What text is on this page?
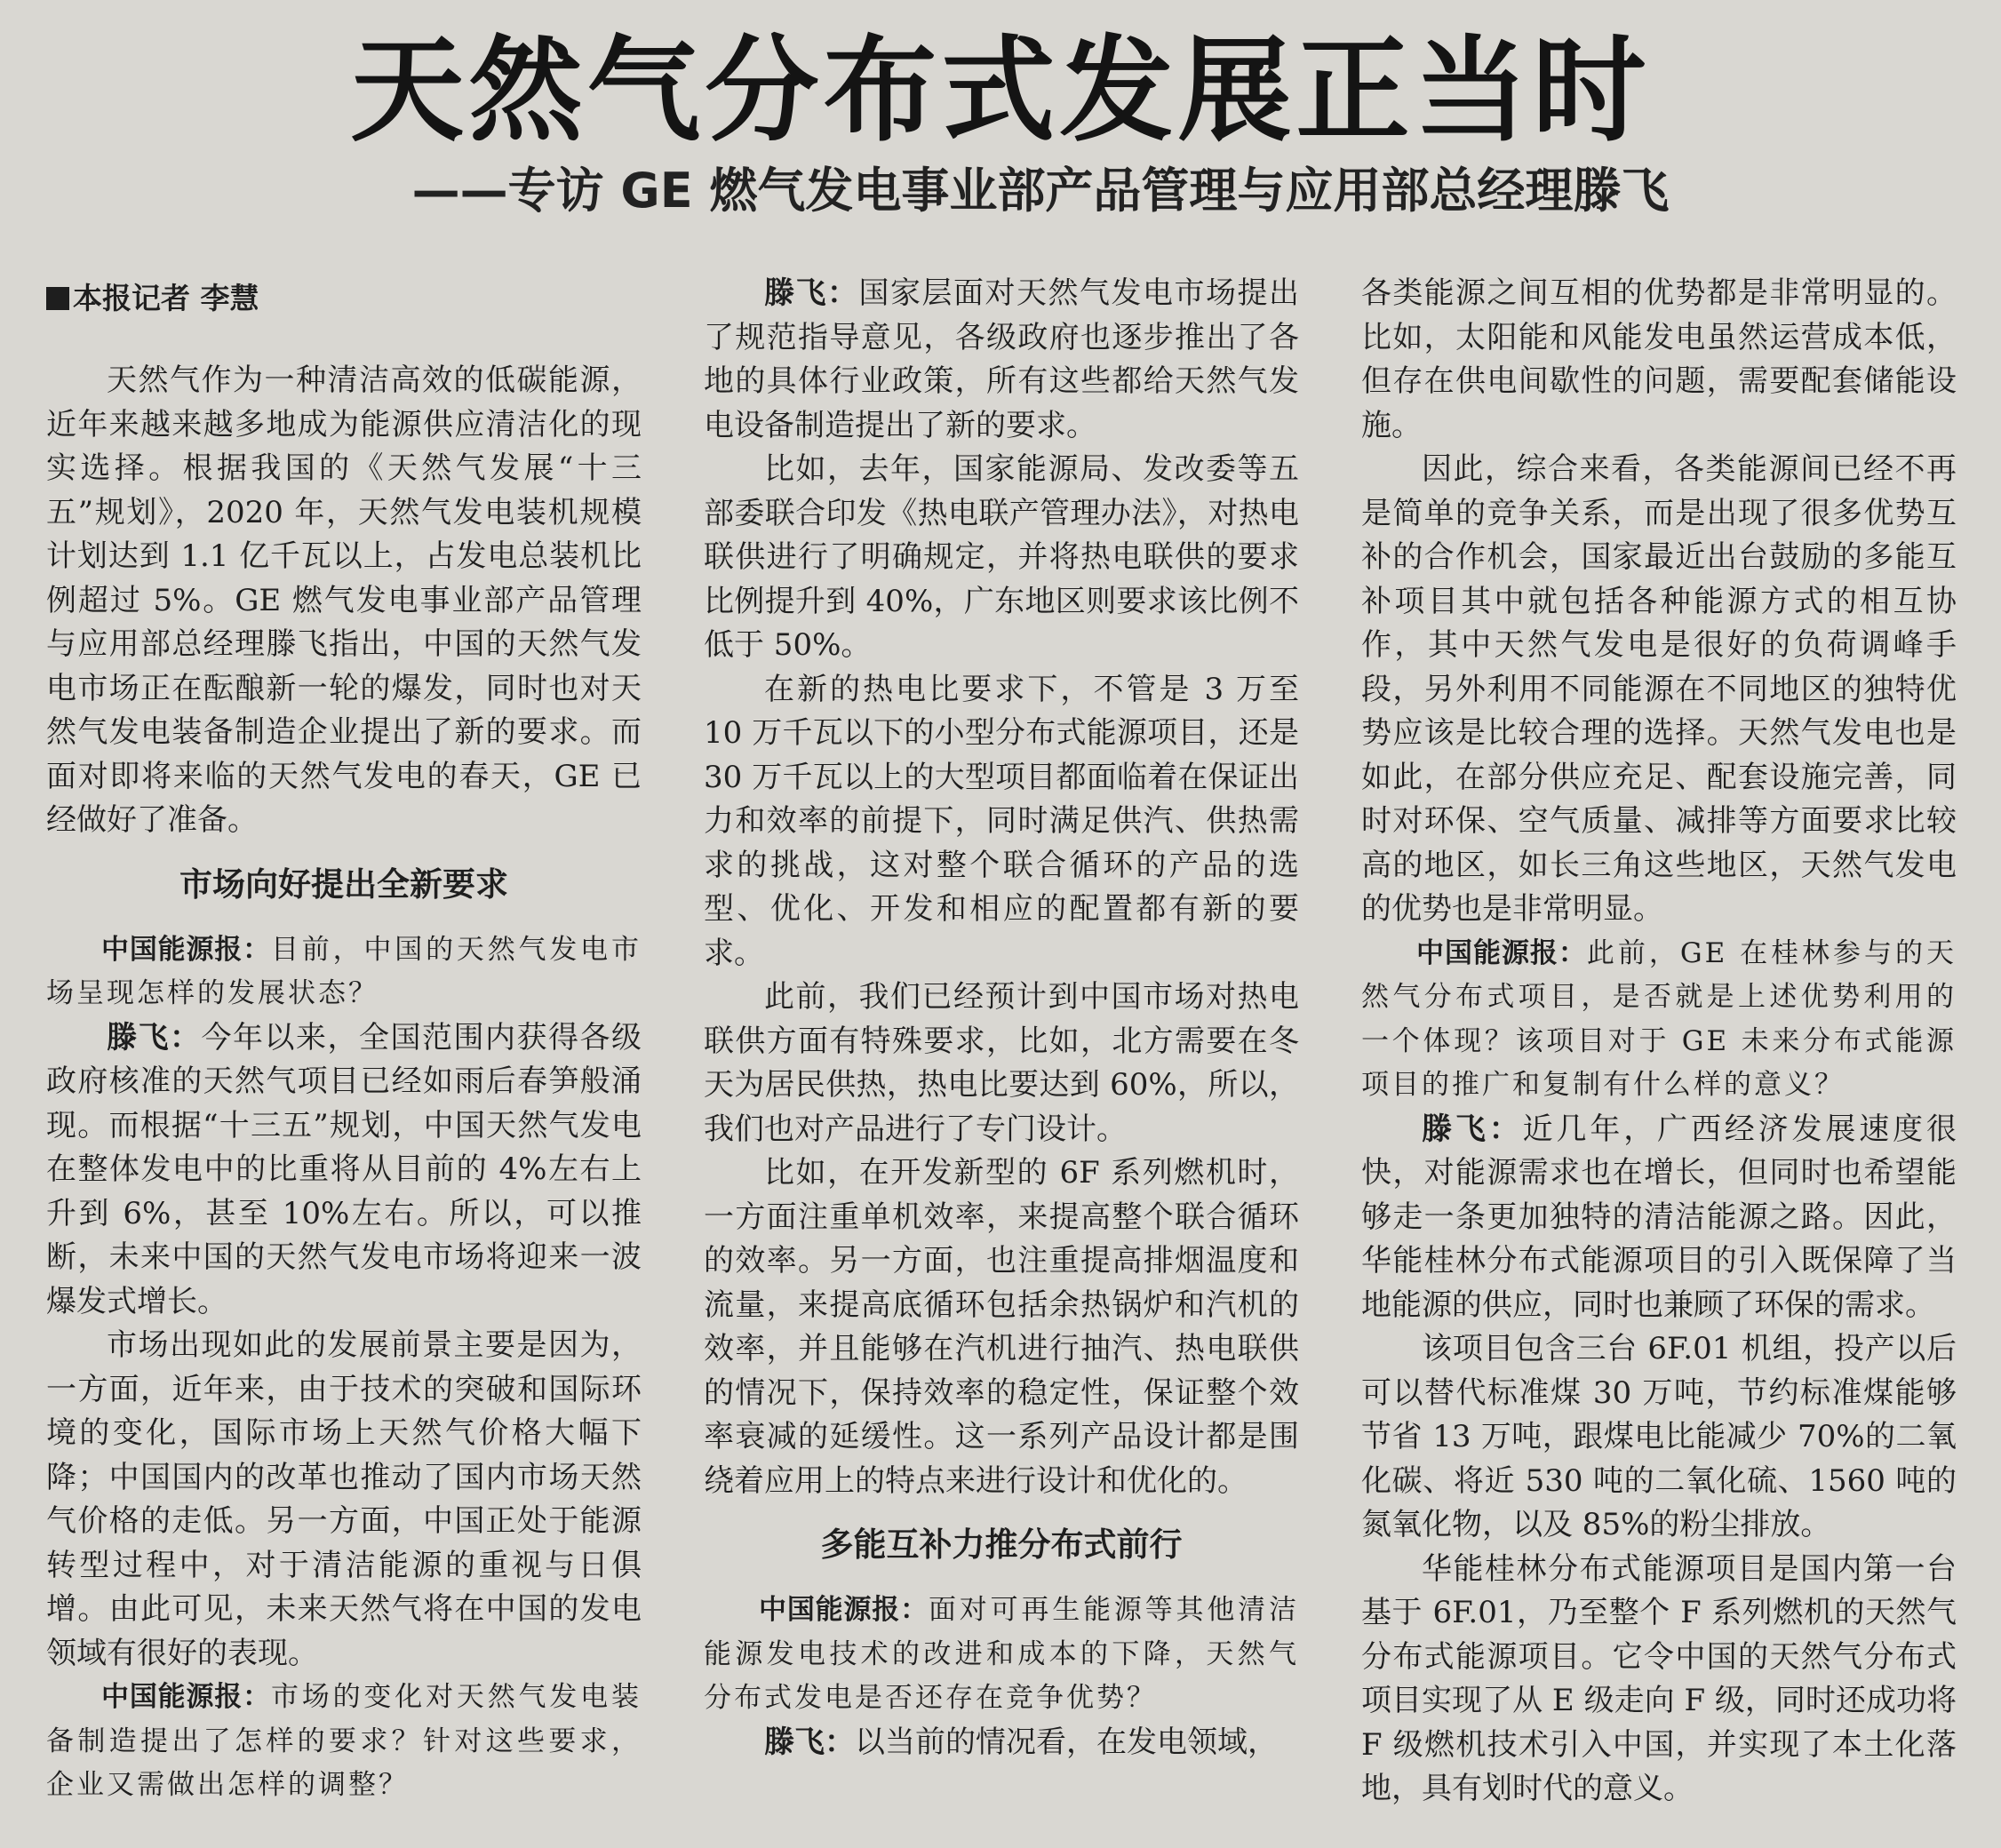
天然气分布式发展正当时
——专访 GE 燃气发电事业部产品管理与应用部总经理滕飞
本报记者 李慧

天然气作为一种清洁高效的低碳能源，近年来越来越多地成为能源供应清洁化的现实选择。根据我国的《天然气发展“十三五”规划》，2020 年，天然气发电装机规模计划达到 1.1 亿千瓦以上，占发电总装机比例超过 5%。GE 燃气发电事业部产品管理与应用部总经理滕飞指出，中国的天然气发电市场正在酝酿新一轮的爆发，同时也对天然气发电装备制造企业提出了新的要求。而面对即将来临的天然气发电的春天，GE 已经做好了准备。

市场向好提出全新要求

中国能源报：目前，中国的天然气发电市场呈现怎样的发展状态？

滕飞：今年以来，全国范围内获得各级政府核准的天然气项目已经如雨后春笋般涌现。而根据“十三五”规划，中国天然气发电在整体发电中的比重将从目前的 4%左右上升到 6%，甚至 10%左右。所以，可以推断，未来中国的天然气发电市场将迎来一波爆发式增长。

市场出现如此的发展前景主要是因为，一方面，近年来，由于技术的突破和国际环境的变化，国际市场上天然气价格大幅下降；中国国内的改革也推动了国内市场天然气价格的走低。另一方面，中国正处于能源转型过程中，对于清洁能源的重视与日俱增。由此可见，未来天然气将在中国的发电领域有很好的表现。

中国能源报：市场的变化对天然气发电装备制造提出了怎样的要求？针对这些要求，企业又需做出怎样的调整？

滕飞：国家层面对天然气发电市场提出了规范指导意见，各级政府也逐步推出了各地的具体行业政策，所有这些都给天然气发电设备制造提出了新的要求。

比如，去年，国家能源局、发改委等五部委联合印发《热电联产管理办法》，对热电联供进行了明确规定，并将热电联供的要求比例提升到 40%，广东地区则要求该比例不低于 50%。

在新的热电比要求下，不管是 3 万至 10 万千瓦以下的小型分布式能源项目，还是 30 万千瓦以上的大型项目都面临着在保证出力和效率的前提下，同时满足供汽、供热需求的挑战，这对整个联合循环的产品的选型、优化、开发和相应的配置都有新的要求。

此前，我们已经预计到中国市场对热电联供方面有特殊要求，比如，北方需要在冬天为居民供热，热电比要达到 60%，所以，我们也对产品进行了专门设计。

比如，在开发新型的 6F 系列燃机时，一方面注重单机效率，来提高整个联合循环的效率。另一方面，也注重提高排烟温度和流量，来提高底循环包括余热锅炉和汽机的效率，并且能够在汽机进行抽汽、热电联供的情况下，保持效率的稳定性，保证整个效率衰减的延缓性。这一系列产品设计都是围绕着应用上的特点来进行设计和优化的。

多能互补力推分布式前行

中国能源报：面对可再生能源等其他清洁能源发电技术的改进和成本的下降，天然气分布式发电是否还存在竞争优势？

滕飞：以当前的情况看，在发电领域，

各类能源之间互相的优势都是非常明显的。比如，太阳能和风能发电虽然运营成本低，但存在供电间歇性的问题，需要配套储能设施。

因此，综合来看，各类能源间已经不再是简单的竞争关系，而是出现了很多优势互补的合作机会，国家最近出台鼓励的多能互补项目其中就包括各种能源方式的相互协作，其中天然气发电是很好的负荷调峰手段，另外利用不同能源在不同地区的独特优势应该是比较合理的选择。天然气发电也是如此，在部分供应充足、配套设施完善，同时对环保、空气质量、减排等方面要求比较高的地区，如长三角这些地区，天然气发电的优势也是非常明显。

中国能源报：此前，GE 在桂林参与的天然气分布式项目，是否就是上述优势利用的一个体现？该项目对于 GE 未来分布式能源项目的推广和复制有什么样的意义？

滕飞：近几年，广西经济发展速度很快，对能源需求也在增长，但同时也希望能够走一条更加独特的清洁能源之路。因此，华能桂林分布式能源项目的引入既保障了当地能源的供应，同时也兼顾了环保的需求。

该项目包含三台 6F.01 机组，投产以后可以替代标准煤 30 万吨，节约标准煤能够节省 13 万吨，跟煤电比能减少 70%的二氧化碳、将近 530 吨的二氧化硫、1560 吨的氮氧化物，以及 85%的粉尘排放。

华能桂林分布式能源项目是国内第一台基于 6F.01，乃至整个 F 系列燃机的天然气分布式能源项目。它令中国的天然气分布式项目实现了从 E 级走向 F 级，同时还成功将 F 级燃机技术引入中国，并实现了本土化落地，具有划时代的意义。
